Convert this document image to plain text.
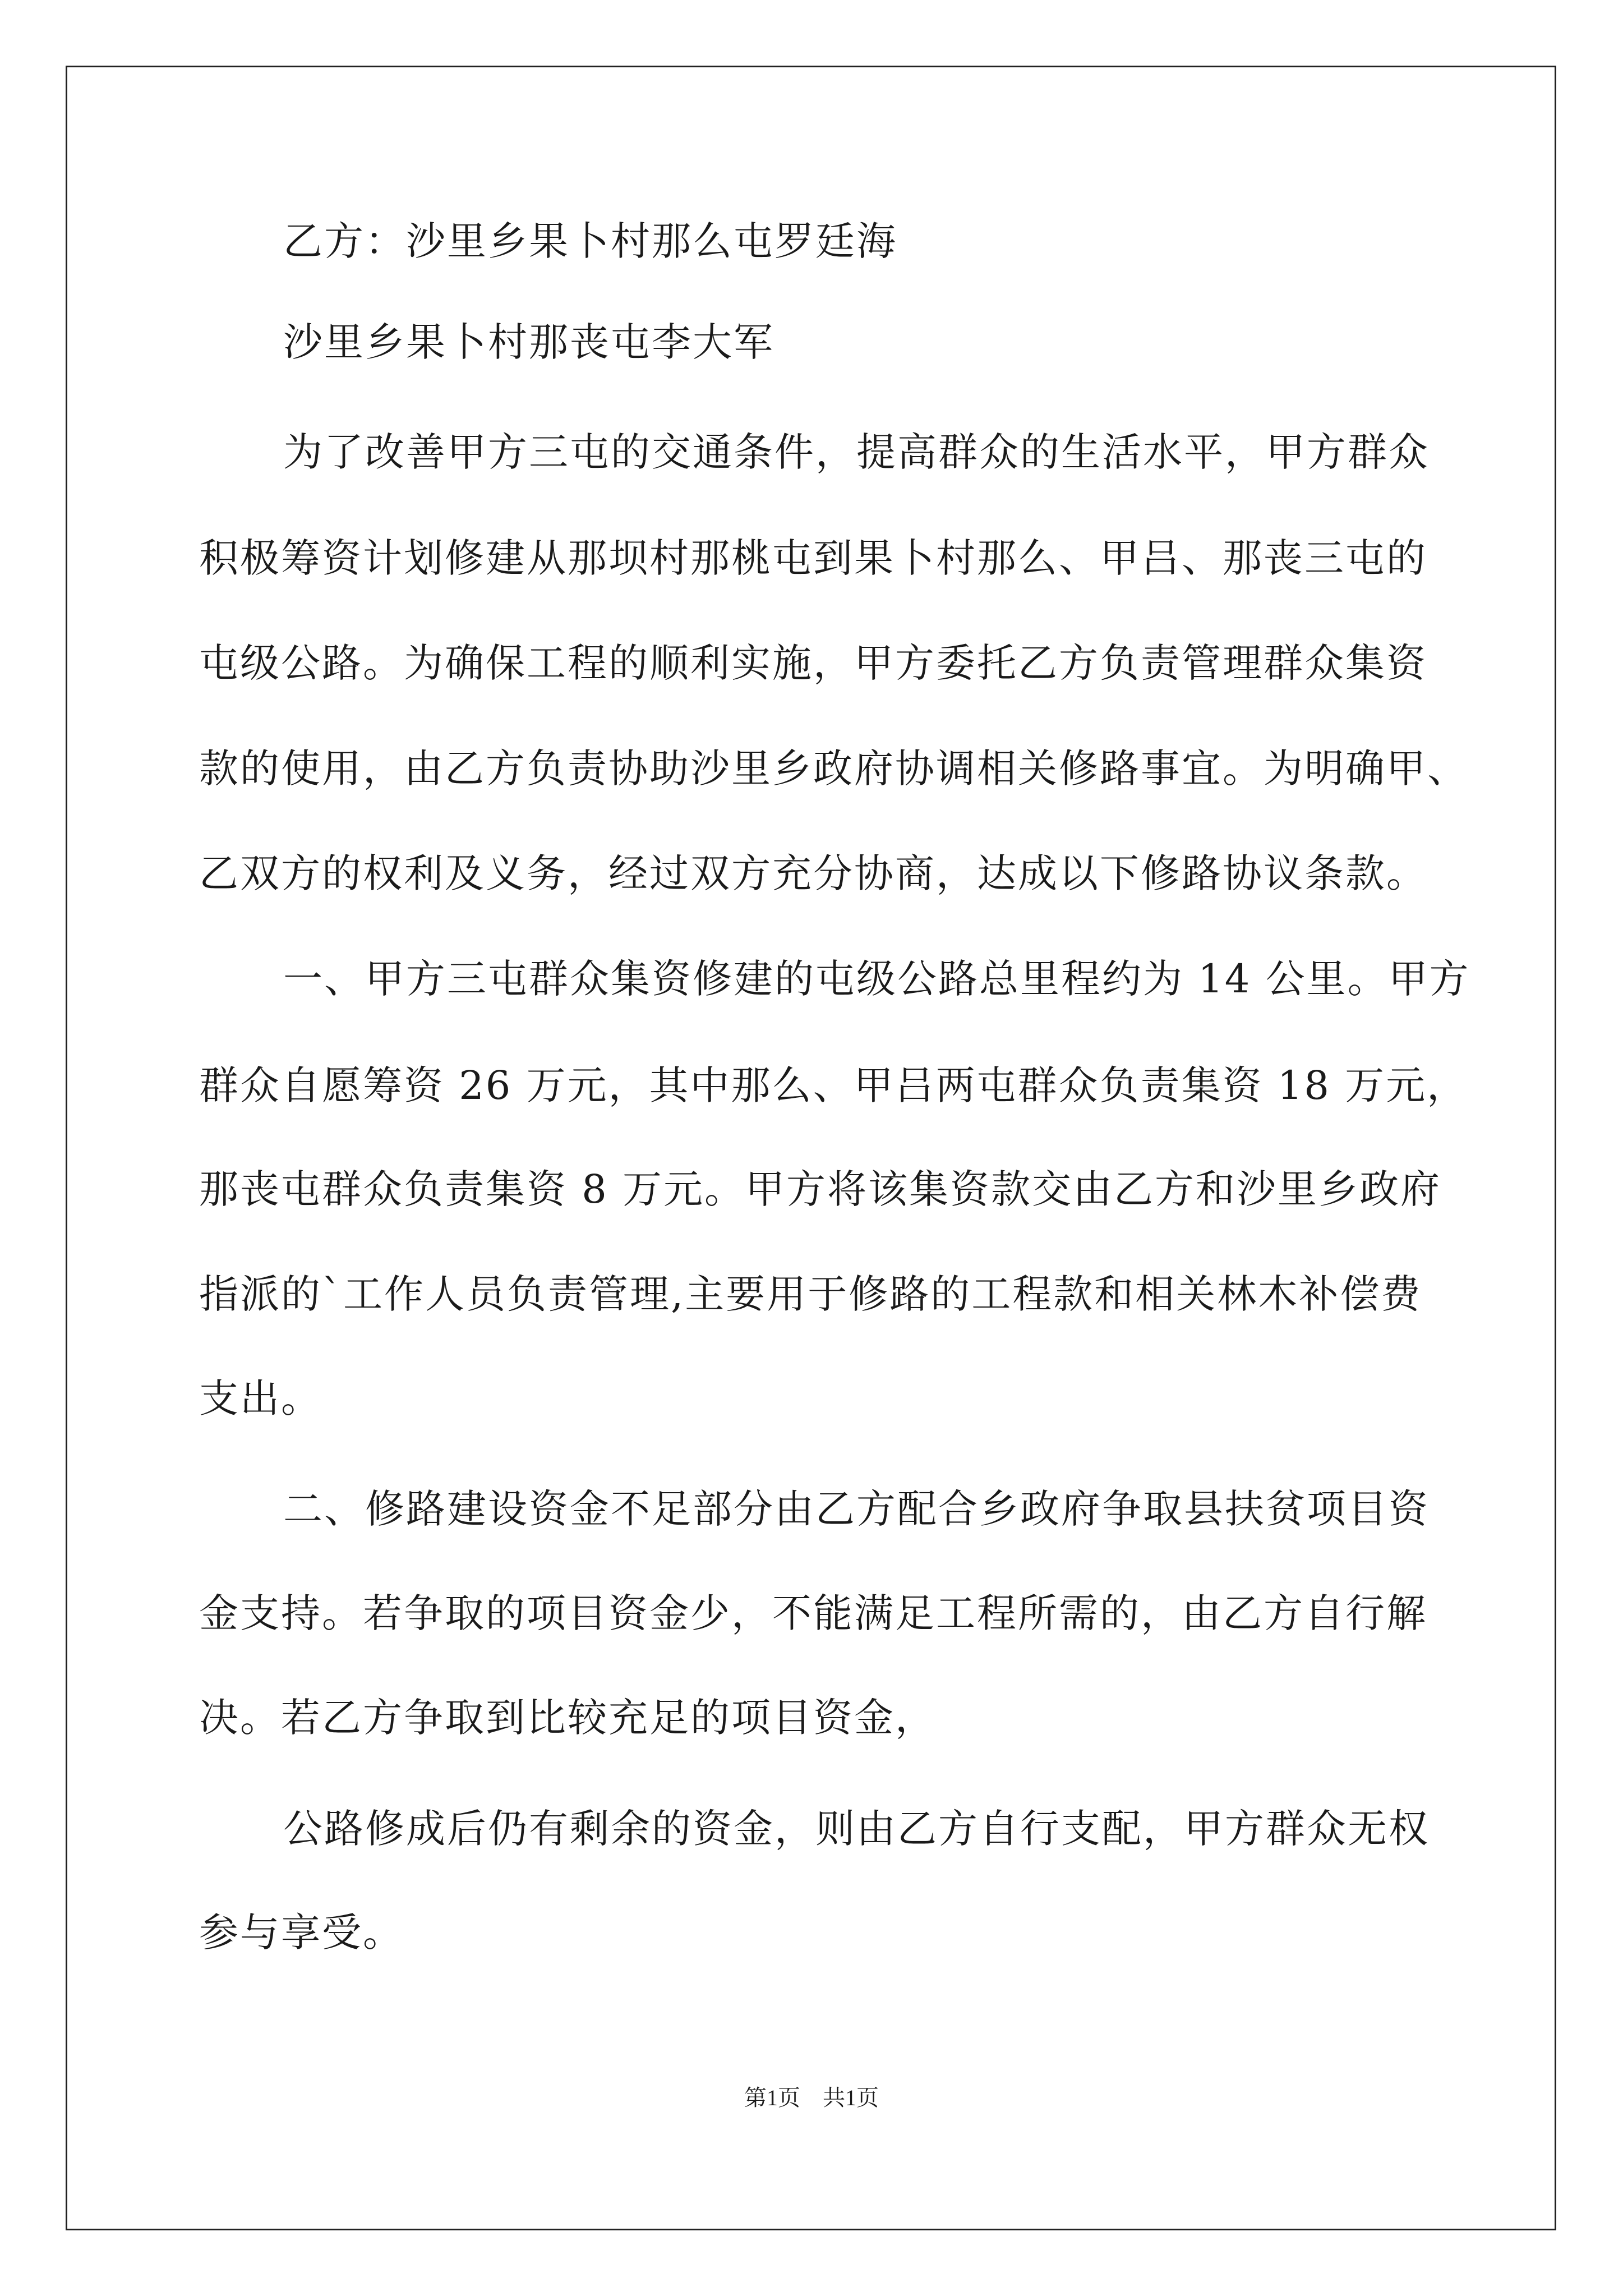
乙方：沙里乡果卜村那么屯罗廷海
沙里乡果卜村那丧屯李大军
为了改善甲方三屯的交通条件，提高群众的生活水平，甲方群众
积极筹资计划修建从那坝村那桃屯到果卜村那么、甲吕、那丧三屯的
屯级公路。为确保工程的顺利实施，甲方委托乙方负责管理群众集资
款的使用，由乙方负责协助沙里乡政府协调相关修路事宜。为明确甲、
乙双方的权利及义务，经过双方充分协商，达成以下修路协议条款。
一、甲方三屯群众集资修建的屯级公路总里程约为 14 公里。甲方
群众自愿筹资 26 万元，其中那么、甲吕两屯群众负责集资 18 万元，
那丧屯群众负责集资 8 万元。甲方将该集资款交由乙方和沙里乡政府
指派的`工作人员负责管理,主要用于修路的工程款和相关林木补偿费
支出。
二、修路建设资金不足部分由乙方配合乡政府争取县扶贫项目资
金支持。若争取的项目资金少，不能满足工程所需的，由乙方自行解
决。若乙方争取到比较充足的项目资金，
公路修成后仍有剩余的资金，则由乙方自行支配，甲方群众无权
参与享受。
第1页　共1页
